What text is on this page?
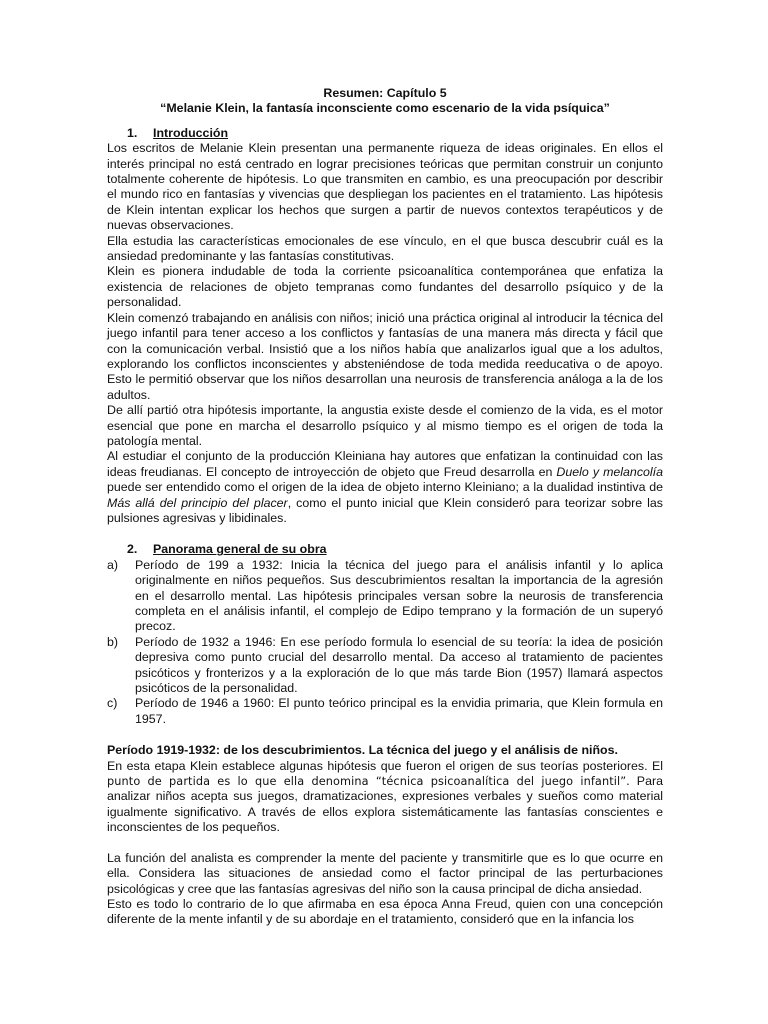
Resumen: Capítulo 5
“Melanie Klein, la fantasía inconsciente como escenario de la vida psíquica”
1. Introducción

Los escritos de Melanie Klein presentan una permanente riqueza de ideas originales. En ellos el interés principal no está centrado en lograr precisiones teóricas que permitan construir un conjunto totalmente coherente de hipótesis. Lo que transmiten en cambio, es una preocupación por describir el mundo rico en fantasías y vivencias que despliegan los pacientes en el tratamiento. Las hipótesis de Klein intentan explicar los hechos que surgen a partir de nuevos contextos terapéuticos y de nuevas observaciones.

Ella estudia las características emocionales de ese vínculo, en el que busca descubrir cuál es la ansiedad predominante y las fantasías constitutivas.

Klein es pionera indudable de toda la corriente psicoanalítica contemporánea que enfatiza la existencia de relaciones de objeto tempranas como fundantes del desarrollo psíquico y de la personalidad.

Klein comenzó trabajando en análisis con niños; inició una práctica original al introducir la técnica del juego infantil para tener acceso a los conflictos y fantasías de una manera más directa y fácil que con la comunicación verbal. Insistió que a los niños había que analizarlos igual que a los adultos, explorando los conflictos inconscientes y absteniéndose de toda medida reeducativa o de apoyo. Esto le permitió observar que los niños desarrollan una neurosis de transferencia análoga a la de los adultos.

De allí partió otra hipótesis importante, la angustia existe desde el comienzo de la vida, es el motor esencial que pone en marcha el desarrollo psíquico y al mismo tiempo es el origen de toda la patología mental.

Al estudiar el conjunto de la producción Kleiniana hay autores que enfatizan la continuidad con las ideas freudianas. El concepto de introyección de objeto que Freud desarrolla en Duelo y melancolía puede ser entendido como el origen de la idea de objeto interno Kleiniano; a la dualidad instintiva de Más allá del principio del placer, como el punto inicial que Klein consideró para teorizar sobre las pulsiones agresivas y libidinales.

2. Panorama general de su obra
a)	Período de 199 a 1932: Inicia la técnica del juego para el análisis infantil y lo aplica originalmente en niños pequeños. Sus descubrimientos resaltan la importancia de la agresión en el desarrollo mental. Las hipótesis principales versan sobre la neurosis de transferencia completa en el análisis infantil, el complejo de Edipo temprano y la formación de un superyó precoz.
b)	Período de 1932 a 1946: En ese período formula lo esencial de su teoría: la idea de posición depresiva como punto crucial del desarrollo mental. Da acceso al tratamiento de pacientes psicóticos y fronterizos y a la exploración de lo que más tarde Bion (1957) llamará aspectos psicóticos de la personalidad.
c)	Período de 1946 a 1960: El punto teórico principal es la envidia primaria, que Klein formula en 1957.
Período 1919-1932: de los descubrimientos. La técnica del juego y el análisis de niños.

En esta etapa Klein establece algunas hipótesis que fueron el origen de sus teorías posteriores. El punto de partida es lo que ella denomina “técnica psicoanalítica del juego infantil”. Para analizar niños acepta sus juegos, dramatizaciones, expresiones verbales y sueños como material igualmente significativo. A través de ellos explora sistemáticamente las fantasías conscientes e inconscientes de los pequeños.

La función del analista es comprender la mente del paciente y transmitirle que es lo que ocurre en ella. Considera las situaciones de ansiedad como el factor principal de las perturbaciones psicológicas y cree que las fantasías agresivas del niño son la causa principal de dicha ansiedad.

Esto es todo lo contrario de lo que afirmaba en esa época Anna Freud, quien con una concepción diferente de la mente infantil y de su abordaje en el tratamiento, consideró que en la infancia los
